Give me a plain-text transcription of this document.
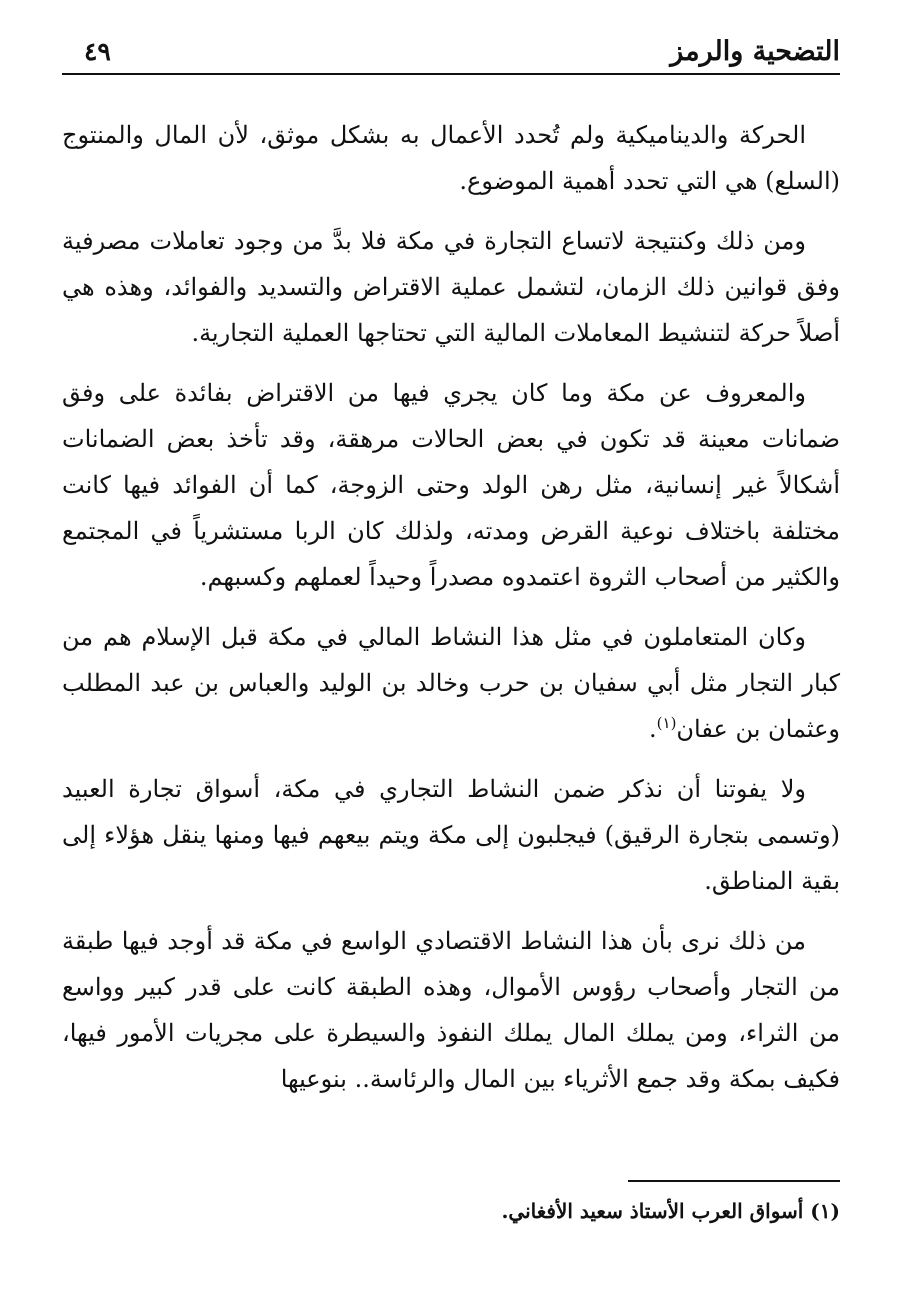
التضحية والرمز
٤٩

الحركة والديناميكية ولم تُحدد الأعمال به بشكل موثق، لأن المال والمنتوج (السلع) هي التي تحدد أهمية الموضوع.

ومن ذلك وكنتيجة لاتساع التجارة في مكة فلا بدَّ من وجود تعاملات مصرفية وفق قوانين ذلك الزمان، لتشمل عملية الاقتراض والتسديد والفوائد، وهذه هي أصلاً حركة لتنشيط المعاملات المالية التي تحتاجها العملية التجارية.

والمعروف عن مكة وما كان يجري فيها من الاقتراض بفائدة على وفق ضمانات معينة قد تكون في بعض الحالات مرهقة، وقد تأخذ بعض الضمانات أشكالاً غير إنسانية، مثل رهن الولد وحتى الزوجة، كما أن الفوائد فيها كانت مختلفة باختلاف نوعية القرض ومدته، ولذلك كان الربا مستشرياً في المجتمع والكثير من أصحاب الثروة اعتمدوه مصدراً وحيداً لعملهم وكسبهم.

وكان المتعاملون في مثل هذا النشاط المالي في مكة قبل الإسلام هم من كبار التجار مثل أبي سفيان بن حرب وخالد بن الوليد والعباس بن عبد المطلب وعثمان بن عفان$^{(١)}$.

ولا يفوتنا أن نذكر ضمن النشاط التجاري في مكة، أسواق تجارة العبيد (وتسمى بتجارة الرقيق) فيجلبون إلى مكة ويتم بيعهم فيها ومنها ينقل هؤلاء إلى بقية المناطق.

من ذلك نرى بأن هذا النشاط الاقتصادي الواسع في مكة قد أوجد فيها طبقة من التجار وأصحاب رؤوس الأموال، وهذه الطبقة كانت على قدر كبير وواسع من الثراء، ومن يملك المال يملك النفوذ والسيطرة على مجريات الأمور فيها، فكيف بمكة وقد جمع الأثرياء بين المال والرئاسة.. بنوعيها

(١) أسواق العرب الأستاذ سعيد الأفغاني.
